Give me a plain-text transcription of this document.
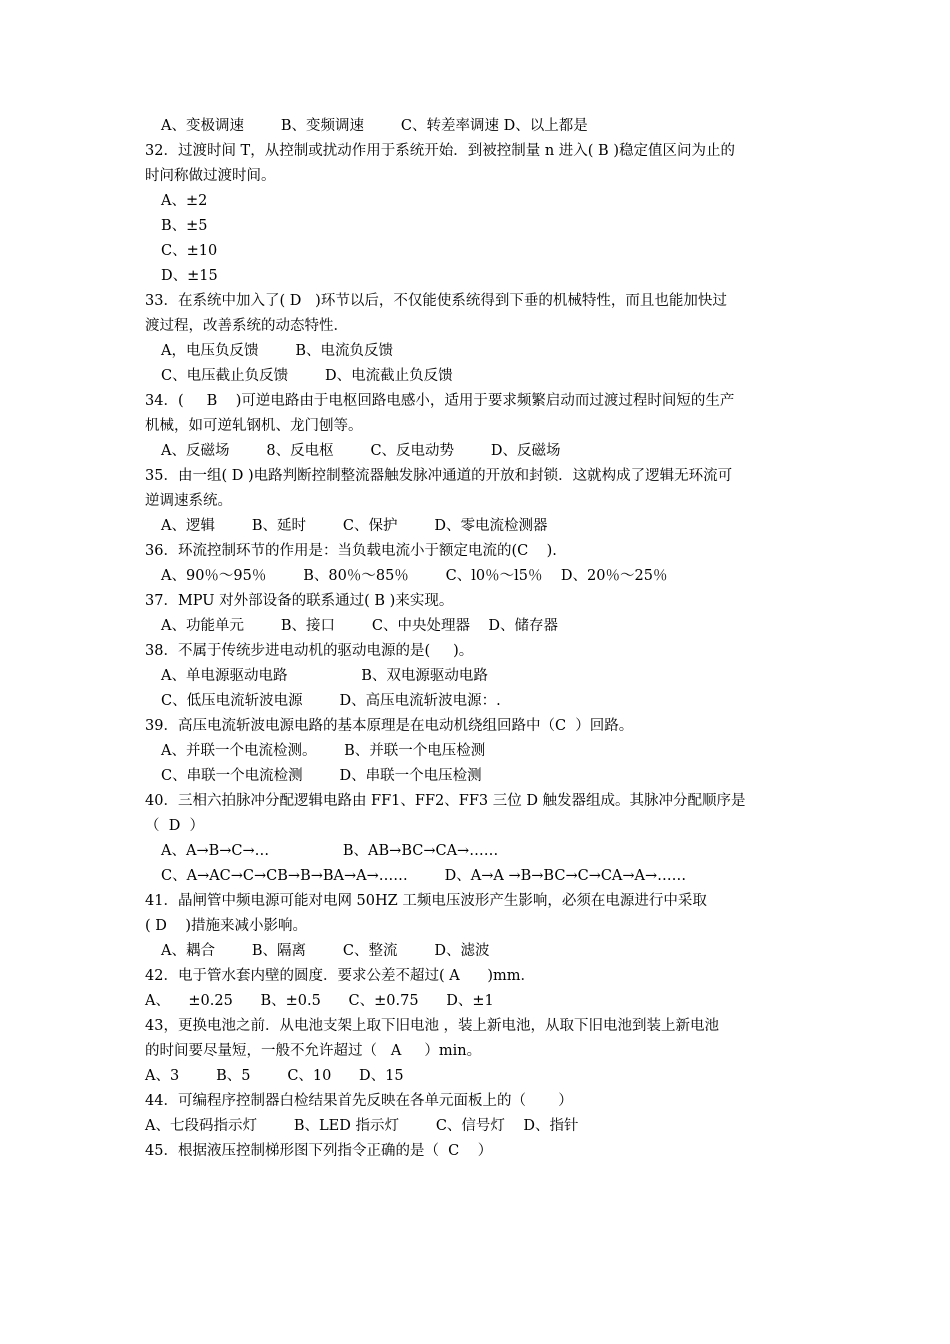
A、变极调速        B、变频调速        C、转差率调速 D、以上都是
32．过渡时间 T，从控制或扰动作用于系统开始．到被控制量 n 进入( B )稳定值区问为止的
时问称做过渡时间。
A、±2
B、±5
C、±10
D、±15
33．在系统中加入了( D   )环节以后，不仅能使系统得到下垂的机械特性，而且也能加快过
渡过程，改善系统的动态特性．
A，电压负反馈        B、电流负反馈
C、电压截止负反馈        D、电流截止负反馈
34．(     B    )可逆电路由于电枢回路电感小，适用于要求频繁启动而过渡过程时间短的生产
机械，如可逆轧钢机、龙门刨等。
A、反磁场        8、反电枢        C、反电动势        D、反磁场
35．由一组( D )电路判断控制整流器触发脉冲通道的开放和封锁．这就构成了逻辑无环流可
逆调速系统。
A、逻辑        B、延时        C、保护        D、零电流检测器
36．环流控制环节的作用是：当负载电流小于额定电流的(C    ).
A、90％～95％        B、80％～85％        C、l0％～l5％    D、20％～25％
37．MPU 对外部设备的联系通过( B )来实现。
A、功能单元        B、接口        C、中央处理器    D、储存器
38．不属于传统步进电动机的驱动电源的是(     )。
A、单电源驱动电路                B、双电源驱动电路
C、低压电流斩波电源        D、高压电流斩波电源：.
39．高压电流斩波电源电路的基本原理是在电动机绕组回路中（C  ）回路。
A、并联一个电流检测。      B、并联一个电压检测
C、串联一个电流检测        D、串联一个电压检测
40．三相六拍脉冲分配逻辑电路由 FF1、FF2、FF3 三位 D 触发器组成。其脉冲分配顺序是
（  D  ）
A、A→B→C→…                B、AB→BC→CA→……
C、A→AC→C→CB→B→BA→A→……        D、A→A →B→BC→C→CA→A→……
41．晶闸管中频电源可能对电网 50HZ 工频电压波形产生影响，必须在电源进行中采取
( D    )措施来减小影响。
A、耦合        B、隔离        C、整流        D、滤波
42．电于管水套内壁的圆度．要求公差不超过( A      )mm．
A、    ±0.25      B、±0.5      C、±0.75      D、±1
43，更换电池之前．从电池支架上取下旧电池 ，装上新电池，从取下旧电池到装上新电池
的时间要尽量短，一般不允许超过（   A     ）min。
A、3        B、5        C、10      D、15
44．可编程序控制器白检结果首先反映在各单元面板上的（       ）
A、七段码指示灯        B、LED 指示灯        C、信号灯    D、指针
45．根据液压控制梯形图下列指令正确的是（  C    ）
